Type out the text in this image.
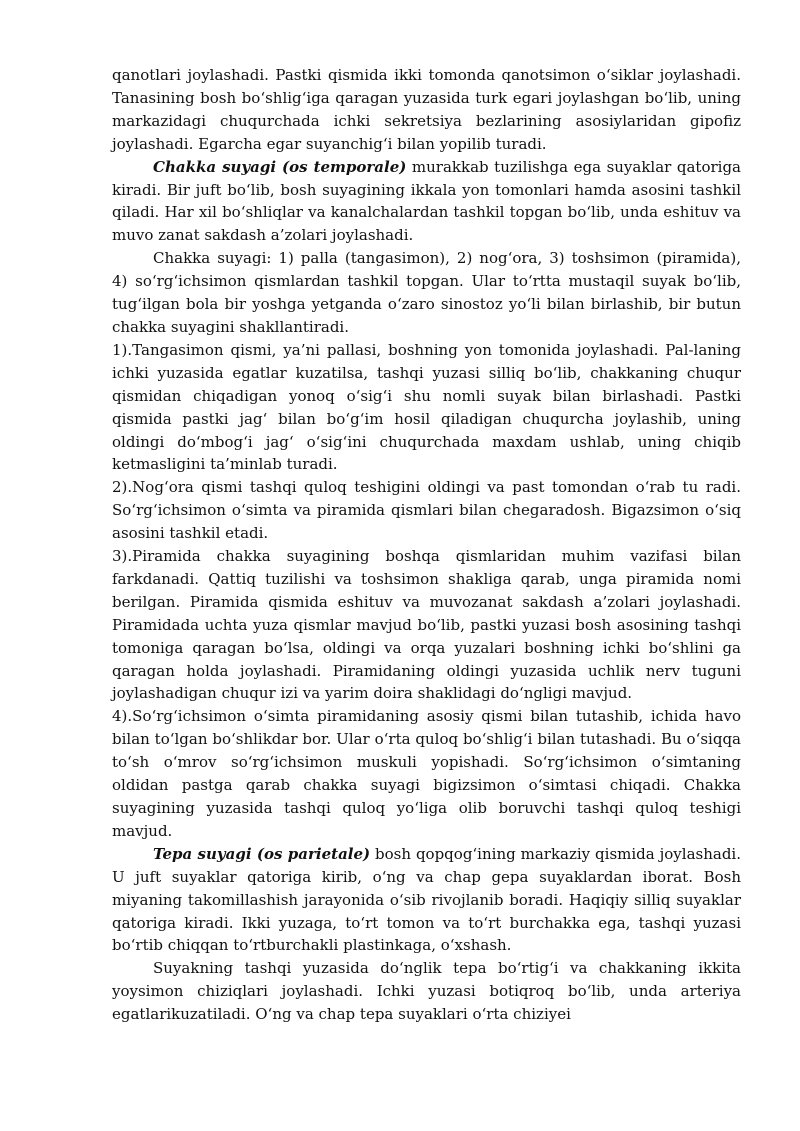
qanotlari joylashadi. Pastki qismida ikki tomonda qanotsimon o‘siklar joylashadi. Tanasining bosh bo‘shlig‘iga qaragan yuzasida turk egari joylashgan bo‘lib, uning markazidagi chuqurchada ichki sekretsiya bezlarining asosiylaridan gipofiz joylashadi. Egarcha egar suyanchig‘i bilan yopilib turadi.

Chakka suyagi (os temporale) murakkab tuzilishga ega suyaklar qatoriga kiradi. Bir juft bo‘lib, bosh suyagining ikkala yon tomonlari hamda asosini tashkil qiladi. Har xil bo‘shliqlar va kanalchalardan tashkil topgan bo‘lib, unda eshituv va muvo zanat sakdash a’zolari joylashadi.

Chakka suyagi: 1) palla (tangasimon), 2) nog‘ora, 3) toshsimon (piramida), 4) so‘rg‘ichsimon qismlardan tashkil topgan. Ular to‘rtta mustaqil suyak bo‘lib, tug‘ilgan bola bir yoshga yetganda o‘zaro sinostoz yo‘li bilan birlashib, bir butun chakka suyagini shakllantiradi.

1).Tangasimon qismi, ya’ni pallasi, boshning yon tomonida joylashadi. Pal-laning ichki yuzasida egatlar kuzatilsa, tashqi yuzasi silliq bo‘lib, chakkaning chuqur qismidan chiqadigan yonoq o‘sig‘i shu nomli suyak bilan birlashadi. Pastki qismida pastki jag‘ bilan bo‘g‘im hosil qiladigan chuqurcha joylashib, uning oldingi do‘mbog‘i jag‘ o‘sig‘ini chuqurchada maxdam ushlab, uning chiqib ketmasligini ta’minlab turadi.

2).Nog‘ora qismi tashqi quloq teshigini oldingi va past tomondan o‘rab tu radi. So‘rg‘ichsimon o‘simta va piramida qismlari bilan chegaradosh. Bigazsimon o‘siq asosini tashkil etadi.

3).Piramida chakka suyagining boshqa qismlaridan muhim vazifasi bilan farkdanadi. Qattiq tuzilishi va toshsimon shakliga qarab, unga piramida nomi berilgan. Piramida qismida eshituv va muvozanat sakdash a’zolari joylashadi. Piramidada uchta yuza qismlar mavjud bo‘lib, pastki yuzasi bosh asosining tashqi tomoniga qaragan bo‘lsa, oldingi va orqa yuzalari boshning ichki bo‘shlini ga qaragan holda joylashadi. Piramidaning oldingi yuzasida uchlik nerv tuguni joylashadigan chuqur izi va yarim doira shaklidagi do‘ngligi mavjud.

4).So‘rg‘ichsimon o‘simta piramidaning asosiy qismi bilan tutashib, ichida havo bilan to‘lgan bo‘shlikdar bor. Ular o‘rta quloq bo‘shlig‘i bilan tutashadi. Bu o‘siqqa to‘sh o‘mrov so‘rg‘ichsimon muskuli yopishadi. So‘rg‘ichsimon o‘simtaning oldidan pastga qarab chakka suyagi bigizsimon o‘simtasi chiqadi. Chakka suyagining yuzasida tashqi quloq yo‘liga olib boruvchi tashqi quloq teshigi mavjud.

Tepa suyagi (os parietale) bosh qopqog‘ining markaziy qismida joylashadi. U juft suyaklar qatoriga kirib, o‘ng va chap gepa suyaklardan iborat. Bosh miyaning takomillashish jarayonida o‘sib rivojlanib boradi. Haqiqiy silliq suyaklar qatoriga kiradi. Ikki yuzaga, to‘rt tomon va to‘rt burchakka ega, tashqi yuzasi bo‘rtib chiqqan to‘rtburchakli plastinkaga, o‘xshash.

Suyakning tashqi yuzasida do‘nglik tepa bo‘rtig‘i va chakkaning ikkita yoysimon chiziqlari joylashadi. Ichki yuzasi botiqroq bo‘lib, unda arteriya egatlarikuzatiladi. O‘ng va chap tepa suyaklari o‘rta chiziyei
